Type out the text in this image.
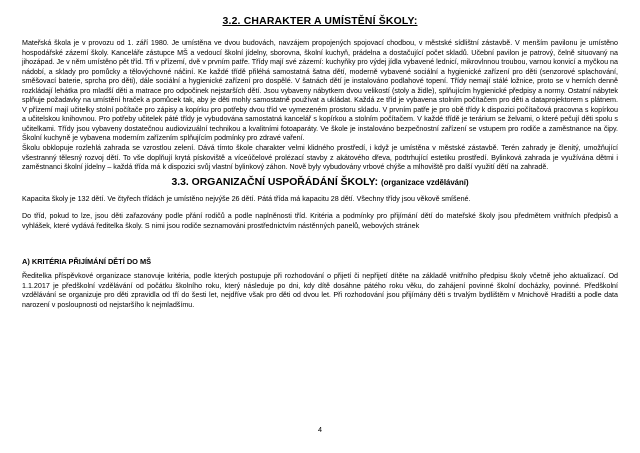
3.2. CHARAKTER A UMÍSTĚNÍ ŠKOLY:

Mateřská škola je v provozu od 1. září 1980. Je umístěna ve dvou budovách, navzájem propojených spojovací chodbou, v městské sídlištní zástavbě. V menším pavilonu je umístěno hospodářské zázemí školy. Kanceláře zástupce MŠ a vedoucí školní jídelny, sborovna, školní kuchyň, prádelna a dostačující počet skladů. Učební pavilon je patrový, čelně situovaný na jihozápad. Je v něm umístěno pět tříd. Tři v přízemí, dvě v prvním patře. Třídy mají své zázemí: kuchyňky pro výdej jídla vybavené lednicí, mikrovlnnou troubou, varnou konvicí a myčkou na nádobí, a sklady pro pomůcky a tělovýchovné náčiní. Ke každé třídě přiléhá samostatná šatna dětí, moderně vybavené sociální a hygienické zařízení pro děti (senzorové splachování, směšovací baterie, sprcha pro děti), dále sociální a hygienické zařízení pro dospělé. V šatnách dětí je instalováno podlahové topení. Třídy nemají stálé ložnice, proto se v herních denně rozkládají lehátka pro mladší děti a matrace pro odpočinek nejstarších dětí. Jsou vybaveny nábytkem dvou velikostí (stoly a židle), splňujícím hygienické předpisy a normy. Ostatní nábytek splňuje požadavky na umístění hraček a pomůcek tak, aby je děti mohly samostatně používat a ukládat. Každá ze tříd je vybavena stolním počítačem pro děti a dataprojektorem s plátnem. V přízemí mají učitelky stolní počítače pro zápisy a kopírku pro potřeby dvou tříd ve vymezeném prostoru skladu. V prvním patře je pro obě třídy k dispozici počítačová pracovna s kopírkou a učitelskou knihovnou. Pro potřeby učitelek páté třídy je vybudována samostatná kancelář s kopírkou a stolním počítačem. V každé třídě je terárium se želvami, o které pečují děti spolu s učitelkami. Třídy jsou vybaveny dostatečnou audiovizuální technikou a kvalitními fotoaparáty. Ve škole je instalováno bezpečnostní zařízení se vstupem pro rodiče a zaměstnance na čipy. Školní kuchyně je vybavena moderním zařízením splňujícím podmínky pro zdravé vaření.

Školu obklopuje rozlehlá zahrada se vzrostlou zelení. Dává tímto škole charakter velmi klidného prostředí, i když je umístěna v městské zástavbě. Terén zahrady je členitý, umožňující všestranný tělesný rozvoj dětí. To vše doplňují krytá pískoviště a víceúčelové prolézací stavby z akátového dřeva, podtrhující estetiku prostředí. Bylinková zahrada je využívána dětmi i zaměstnanci školní jídelny – každá třída má k dispozici svůj vlastní bylinkový záhon. Nově byly vybudovány vrbové chýše a mlhoviště pro další využití dětí na zahradě.

3.3. ORGANIZAČNÍ USPOŘÁDÁNÍ ŠKOLY: (organizace vzdělávání)

Kapacita školy je 132 dětí. Ve čtyřech třídách je umístěno nejvýše 26 dětí. Pátá třída má kapacitu 28 dětí. Všechny třídy jsou věkově smíšené.

Do tříd, pokud to lze, jsou děti zařazovány podle přání rodičů a podle naplněnosti tříd. Kritéria a podmínky pro přijímání dětí do mateřské školy jsou předmětem vnitřních předpisů a vyhlášek, které vydává ředitelka školy. S nimi jsou rodiče seznamováni prostřednictvím nástěnných panelů, webových stránek

A) KRITÉRIA PŘIJÍMÁNÍ DĚTÍ DO MŠ

Ředitelka příspěvkové organizace stanovuje kritéria, podle kterých postupuje při rozhodování o přijetí či nepřijetí dítěte na základě vnitřního předpisu školy včetně jeho aktualizací. Od 1.1.2017 je předškolní vzdělávání od počátku školního roku, který následuje po dni, kdy dítě dosáhne pátého roku věku, do zahájení povinné školní docházky, povinné. Předškolní vzdělávání se organizuje pro děti zpravidla od tří do šesti let, nejdříve však pro děti od dvou let. Při rozhodování jsou přijímány děti s trvalým bydlištěm v Mnichově Hradišti a podle data narození v posloupnosti od nejstaršího k nejmladšímu.

4
